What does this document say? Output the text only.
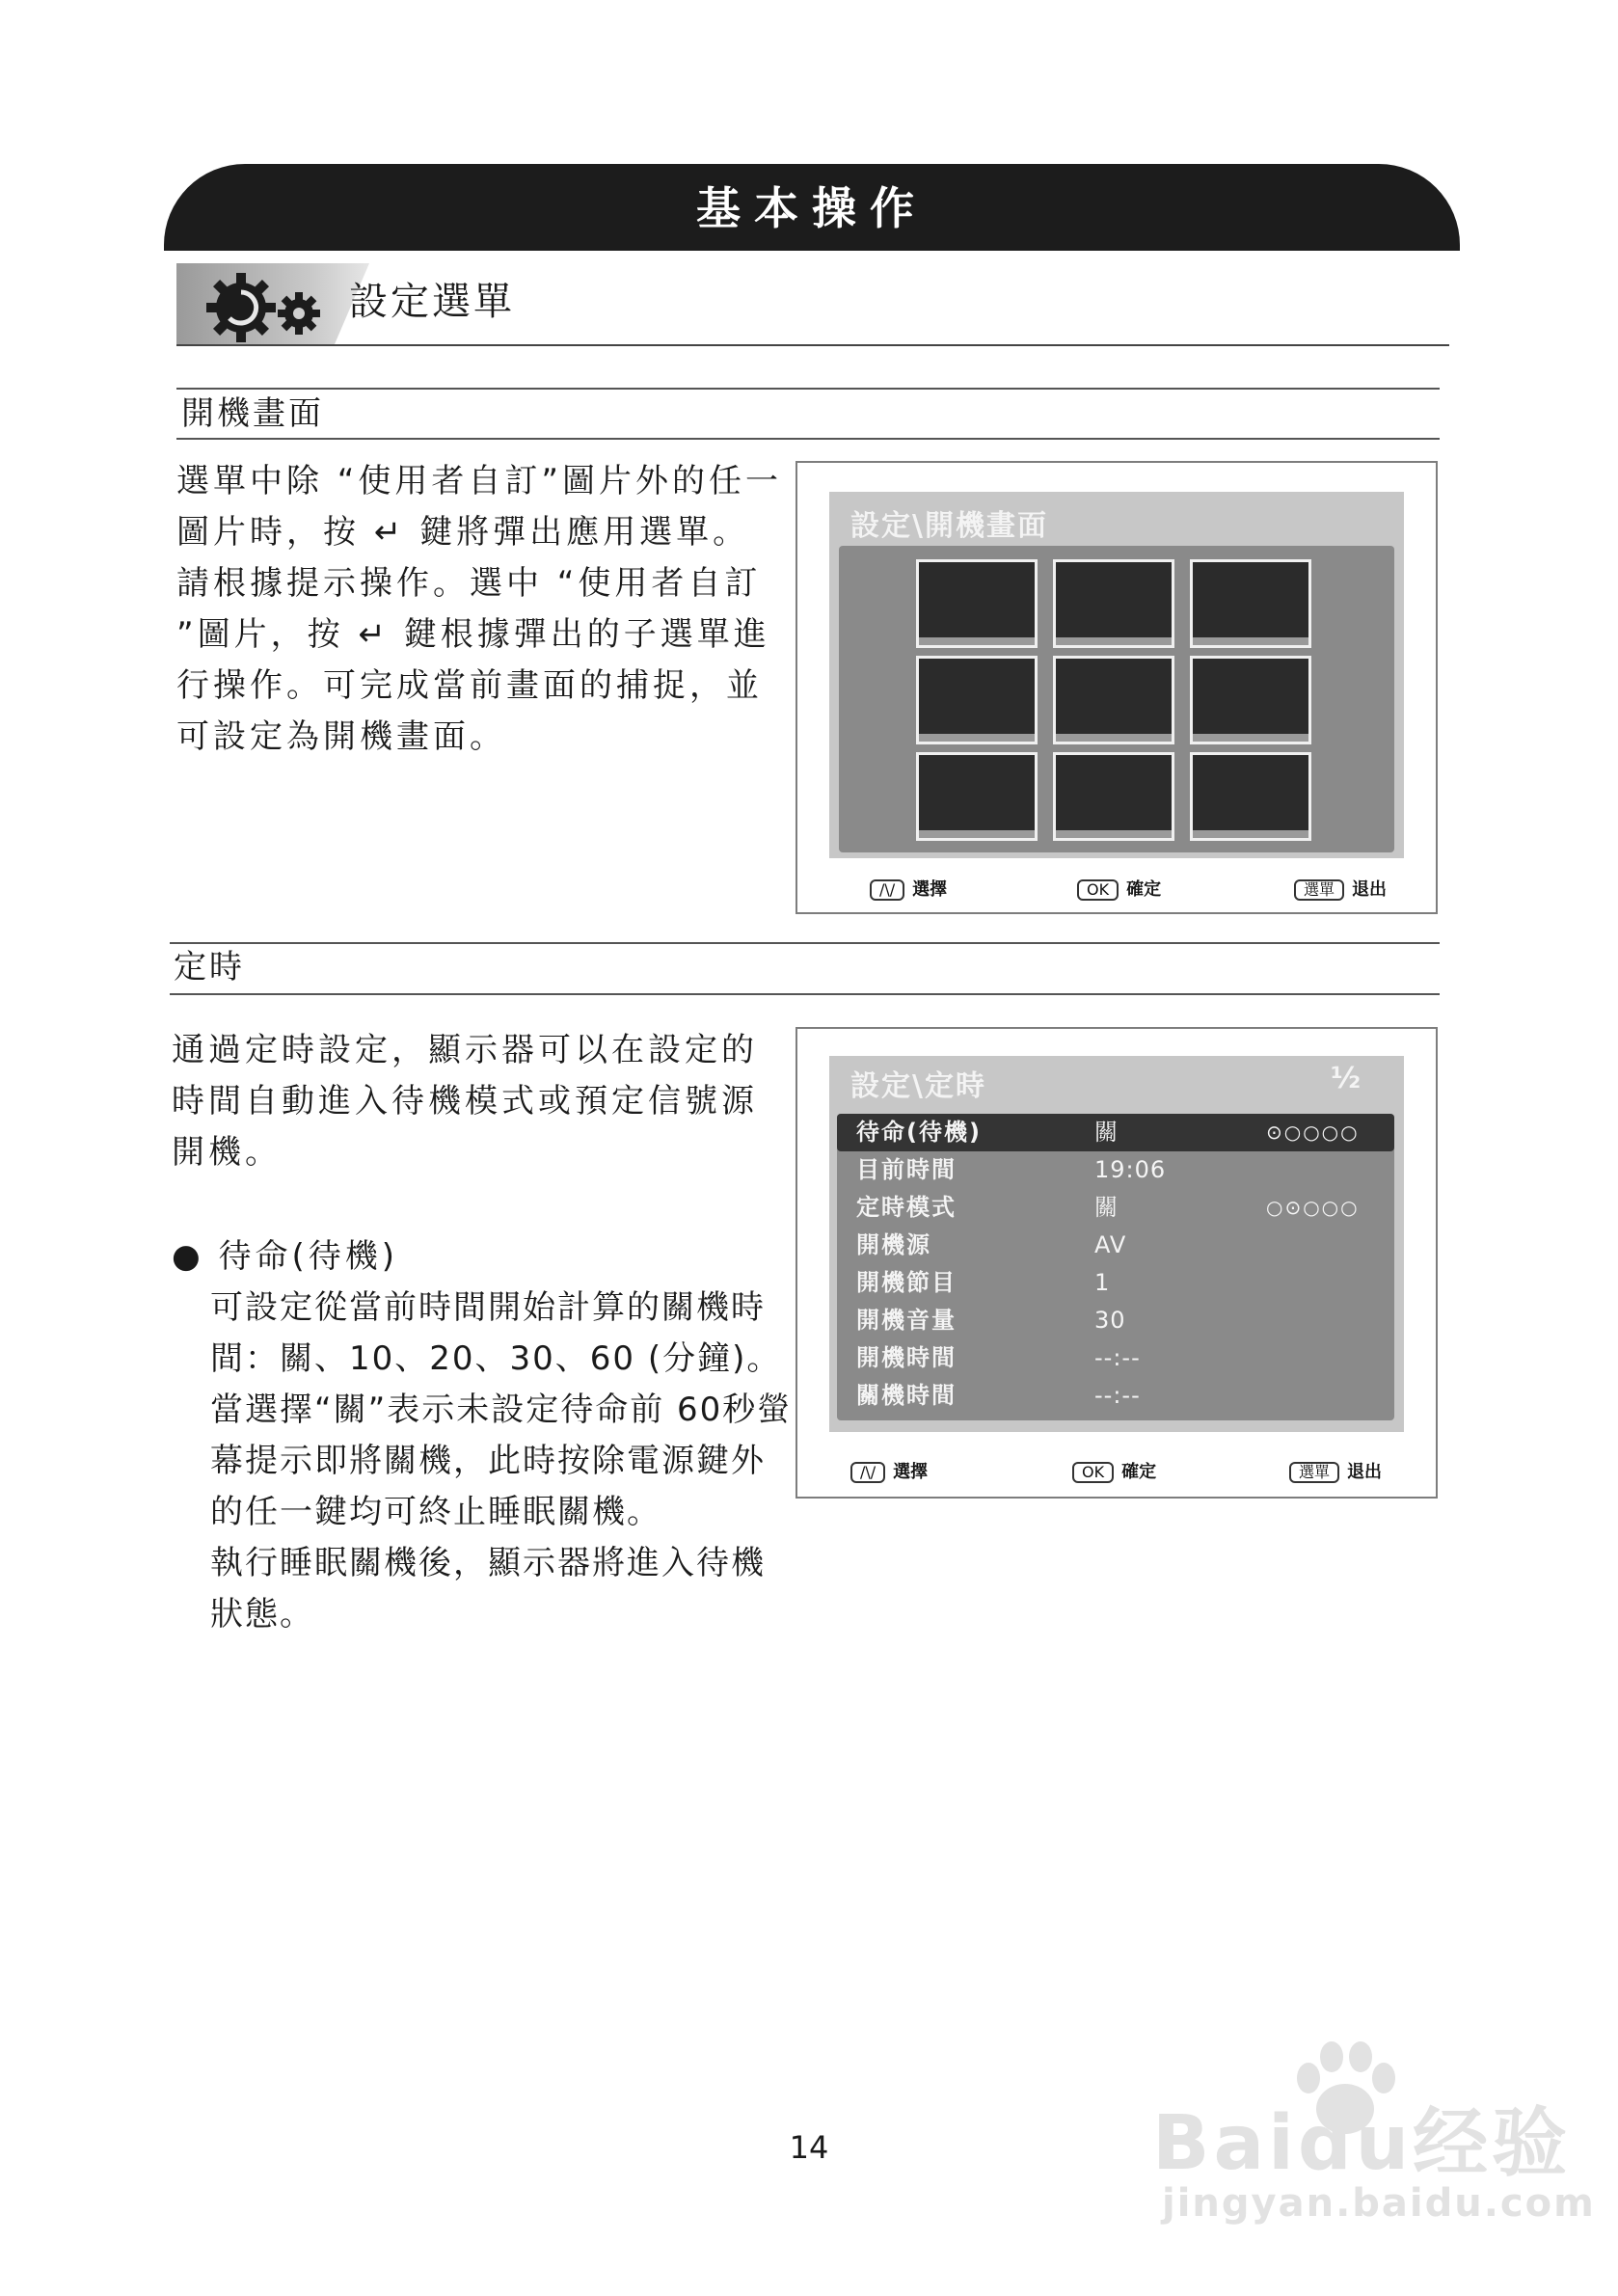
基本操作
設定選單
開機畫面
選單中除 “使用者自訂”圖片外的任一
圖片時，按 ↵ 鍵將彈出應用選單。
請根據提示操作。選中 “使用者自訂
”圖片，按 ↵ 鍵根據彈出的子選單進
行操作。可完成當前畫面的捕捉，並
可設定為開機畫面。
設定\開機畫面
/\/ 選擇	OK 確定	選單 退出
定時
通過定時設定，顯示器可以在設定的
時間自動進入待機模式或預定信號源
開機。
● 待命(待機)
可設定從當前時間開始計算的關機時
間：關、10、20、30、60 (分鐘)。
當選擇“關”表示未設定待命前 60秒螢
幕提示即將關機，此時按除電源鍵外
的任一鍵均可終止睡眠關機。
執行睡眠關機後，顯示器將進入待機
狀態。
設定\定時	½
待命(待機)	關	⊙○○○○
目前時間	19:06
定時模式	關	○⊙○○○
開機源	AV
開機節目	1
開機音量	30
開機時間	--:--
關機時間	--:--
/\/ 選擇	OK 確定	選單 退出
14	Baidu经验
jingyan.baidu.com
